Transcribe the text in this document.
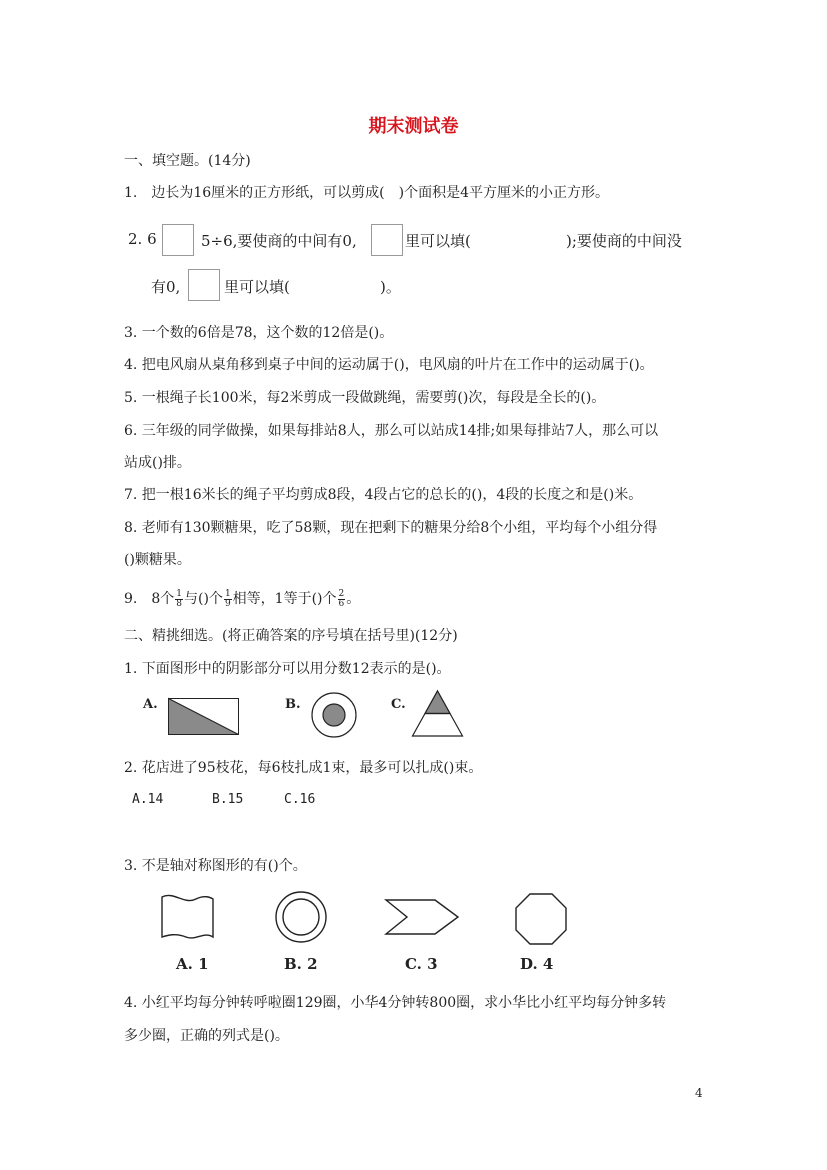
期末测试卷
一、填空题。(14分)
1.　边长为16厘米的正方形纸，可以剪成(　)个面积是4平方厘米的小正方形。
2. 6	5÷6,要使商的中间有0,	里可以填(	);要使商的中间没
有0,	里可以填(	)。
3. 一个数的6倍是78，这个数的12倍是()。
4. 把电风扇从桌角移到桌子中间的运动属于()，电风扇的叶片在工作中的运动属于()。
5. 一根绳子长100米，每2米剪成一段做跳绳，需要剪()次，每段是全长的()。
6. 三年级的同学做操，如果每排站8人，那么可以站成14排;如果每排站7人，那么可以
站成()排。
7. 把一根16米长的绳子平均剪成8段，4段占它的总长的()，4段的长度之和是()米。
8. 老师有130颗糖果，吃了58颗，现在把剩下的糖果分给8个小组，平均每个小组分得
()颗糖果。
9.　8个 $\frac{1}{8}$ 与()个 $\frac{1}{9}$ 相等，1等于()个 $\frac{2}{6}$ 。
二、精挑细选。(将正确答案的序号填在括号里)(12分)
1. 下面图形中的阴影部分可以用分数12表示的是()。
A.	B.	C.
2. 花店进了95枝花，每6枝扎成1束，最多可以扎成()束。
A.14	B.15	C.16
3. 不是轴对称图形的有()个。
A. 1	B. 2	C. 3	D. 4
4. 小红平均每分钟转呼啦圈129圈，小华4分钟转800圈，求小华比小红平均每分钟多转
多少圈，正确的列式是()。
4
